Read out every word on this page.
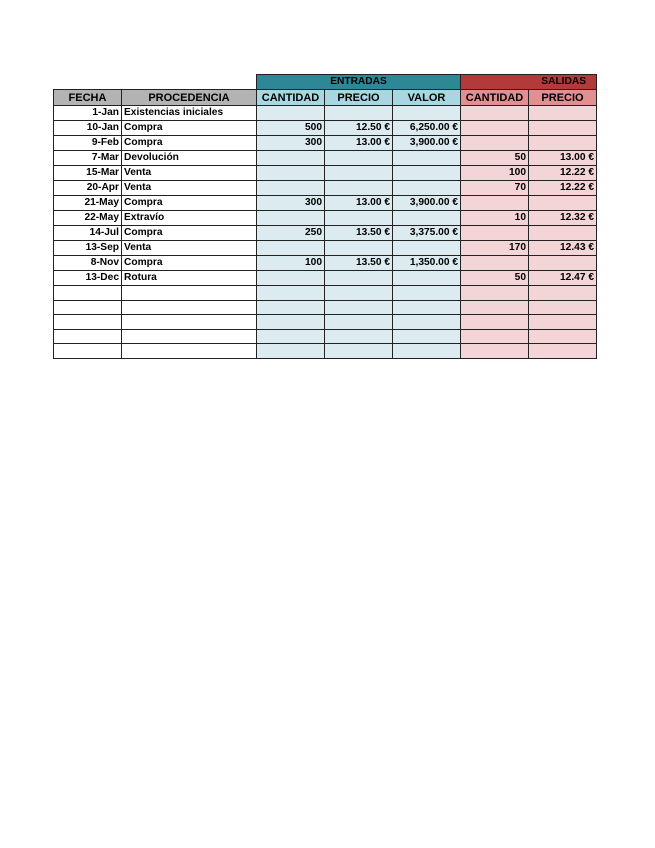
		ENTRADAS			SALIDAS	
FECHA	PROCEDENCIA	CANTIDAD	PRECIO	VALOR	CANTIDAD	PRECIO
1-Jan	Existencias iniciales					
10-Jan	Compra	500	12.50 €	6,250.00 €		
9-Feb	Compra	300	13.00 €	3,900.00 €		
7-Mar	Devolución				50	13.00 €
15-Mar	Venta				100	12.22 €
20-Apr	Venta				70	12.22 €
21-May	Compra	300	13.00 €	3,900.00 €		
22-May	Extravío				10	12.32 €
14-Jul	Compra	250	13.50 €	3,375.00 €		
13-Sep	Venta				170	12.43 €
8-Nov	Compra	100	13.50 €	1,350.00 €		
13-Dec	Rotura				50	12.47 €
